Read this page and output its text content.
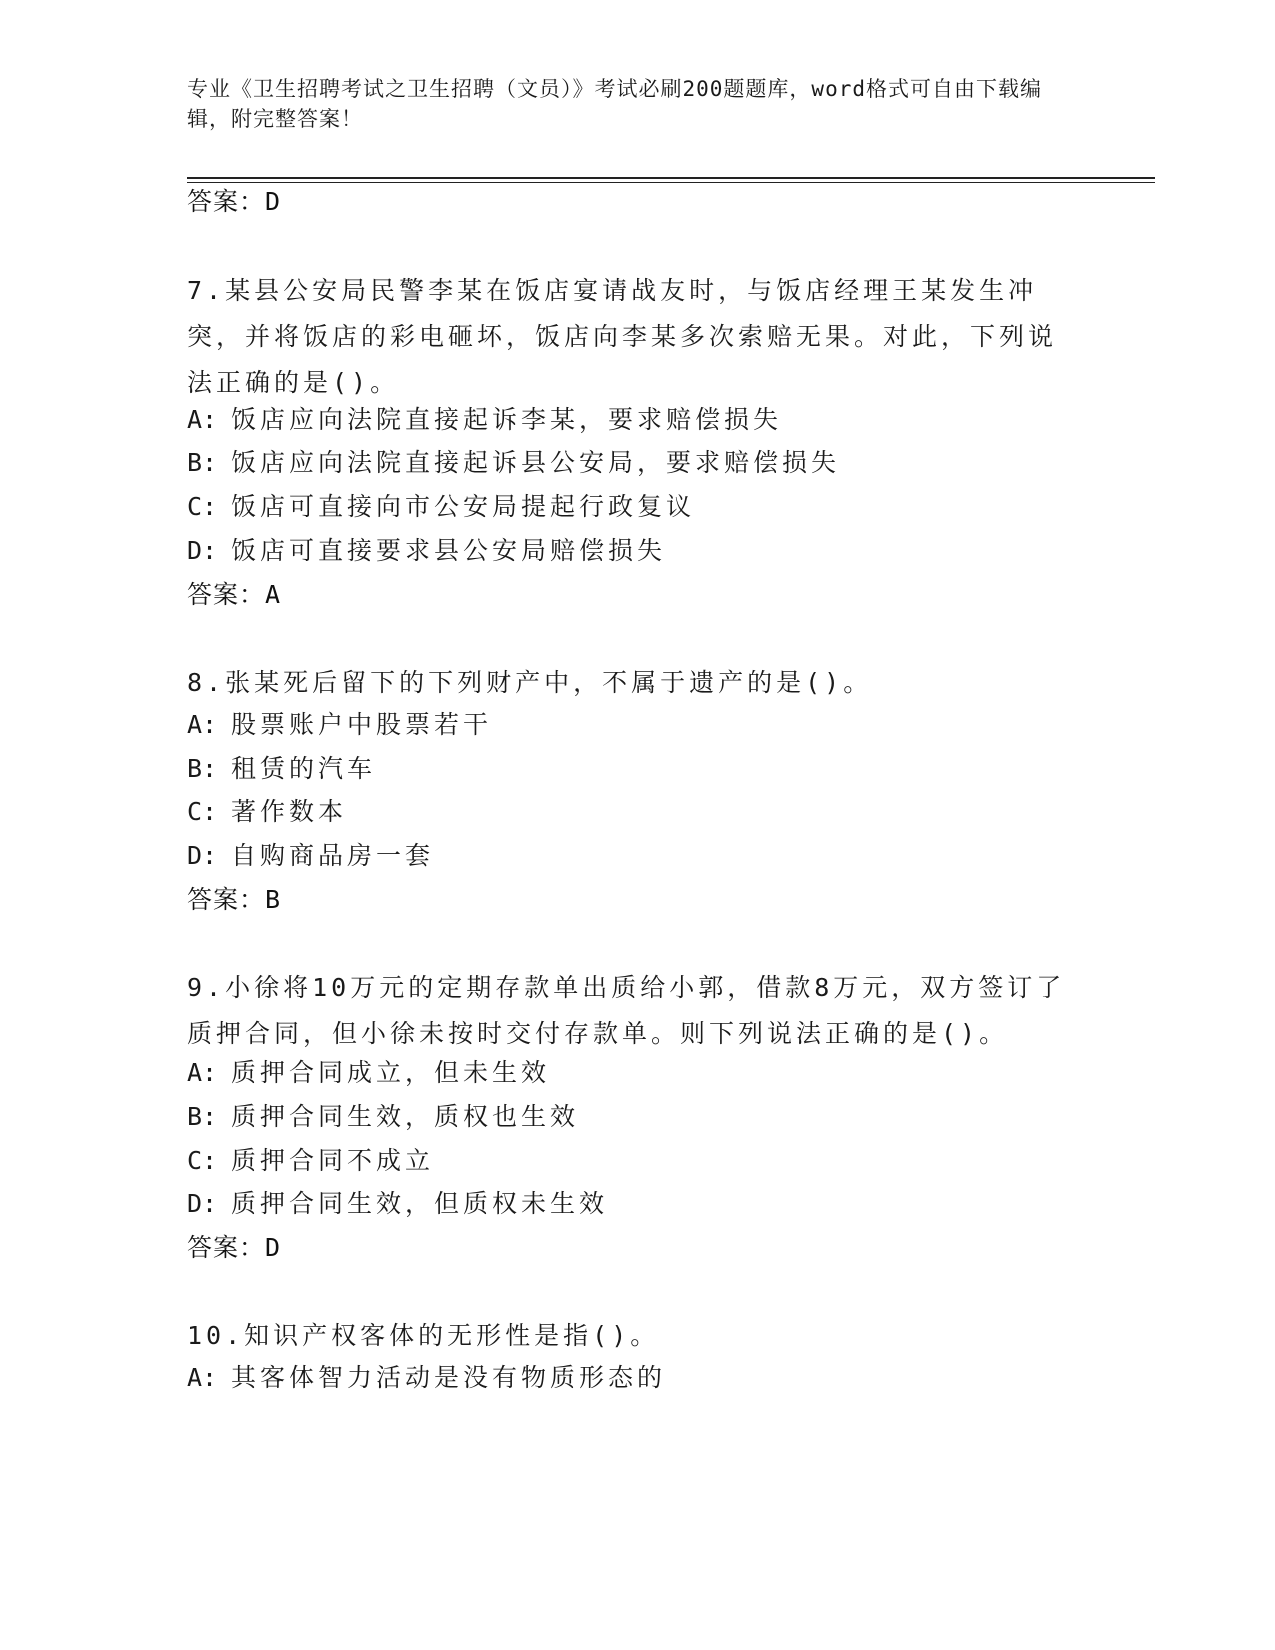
专业《卫生招聘考试之卫生招聘（文员）》考试必刷200题题库，word格式可自由下载编辑，附完整答案！
答案：D
7.某县公安局民警李某在饭店宴请战友时，与饭店经理王某发生冲突，并将饭店的彩电砸坏，饭店向李某多次索赔无果。对此，下列说法正确的是()。
A: 饭店应向法院直接起诉李某，要求赔偿损失
B: 饭店应向法院直接起诉县公安局，要求赔偿损失
C: 饭店可直接向市公安局提起行政复议
D: 饭店可直接要求县公安局赔偿损失
答案：A
8.张某死后留下的下列财产中，不属于遗产的是()。
A: 股票账户中股票若干
B: 租赁的汽车
C: 著作数本
D: 自购商品房一套
答案：B
9.小徐将10万元的定期存款单出质给小郭，借款8万元，双方签订了质押合同，但小徐未按时交付存款单。则下列说法正确的是()。
A: 质押合同成立，但未生效
B: 质押合同生效，质权也生效
C: 质押合同不成立
D: 质押合同生效，但质权未生效
答案：D
10.知识产权客体的无形性是指()。
A: 其客体智力活动是没有物质形态的
